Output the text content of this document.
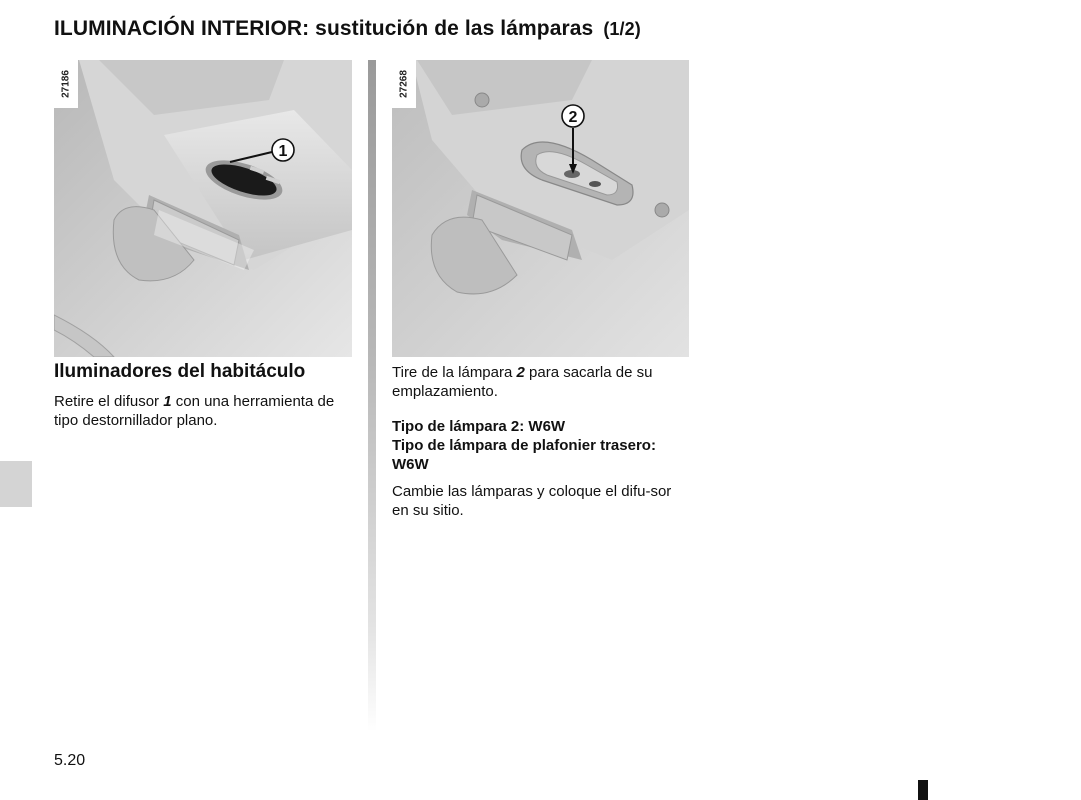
ILUMINACIÓN INTERIOR: sustitución de las lámparas (1/2)
1
27186
2
27268
Iluminadores del habitáculo

Retire el difusor 1 con una herramienta de tipo destornillador plano.

Tire de la lámpara 2 para sacarla de su emplazamiento.

Tipo de lámpara 2: W6W
Tipo de lámpara de plafonier trasero: W6W

Cambie las lámparas y coloque el difu-sor en su sitio.

5.20
